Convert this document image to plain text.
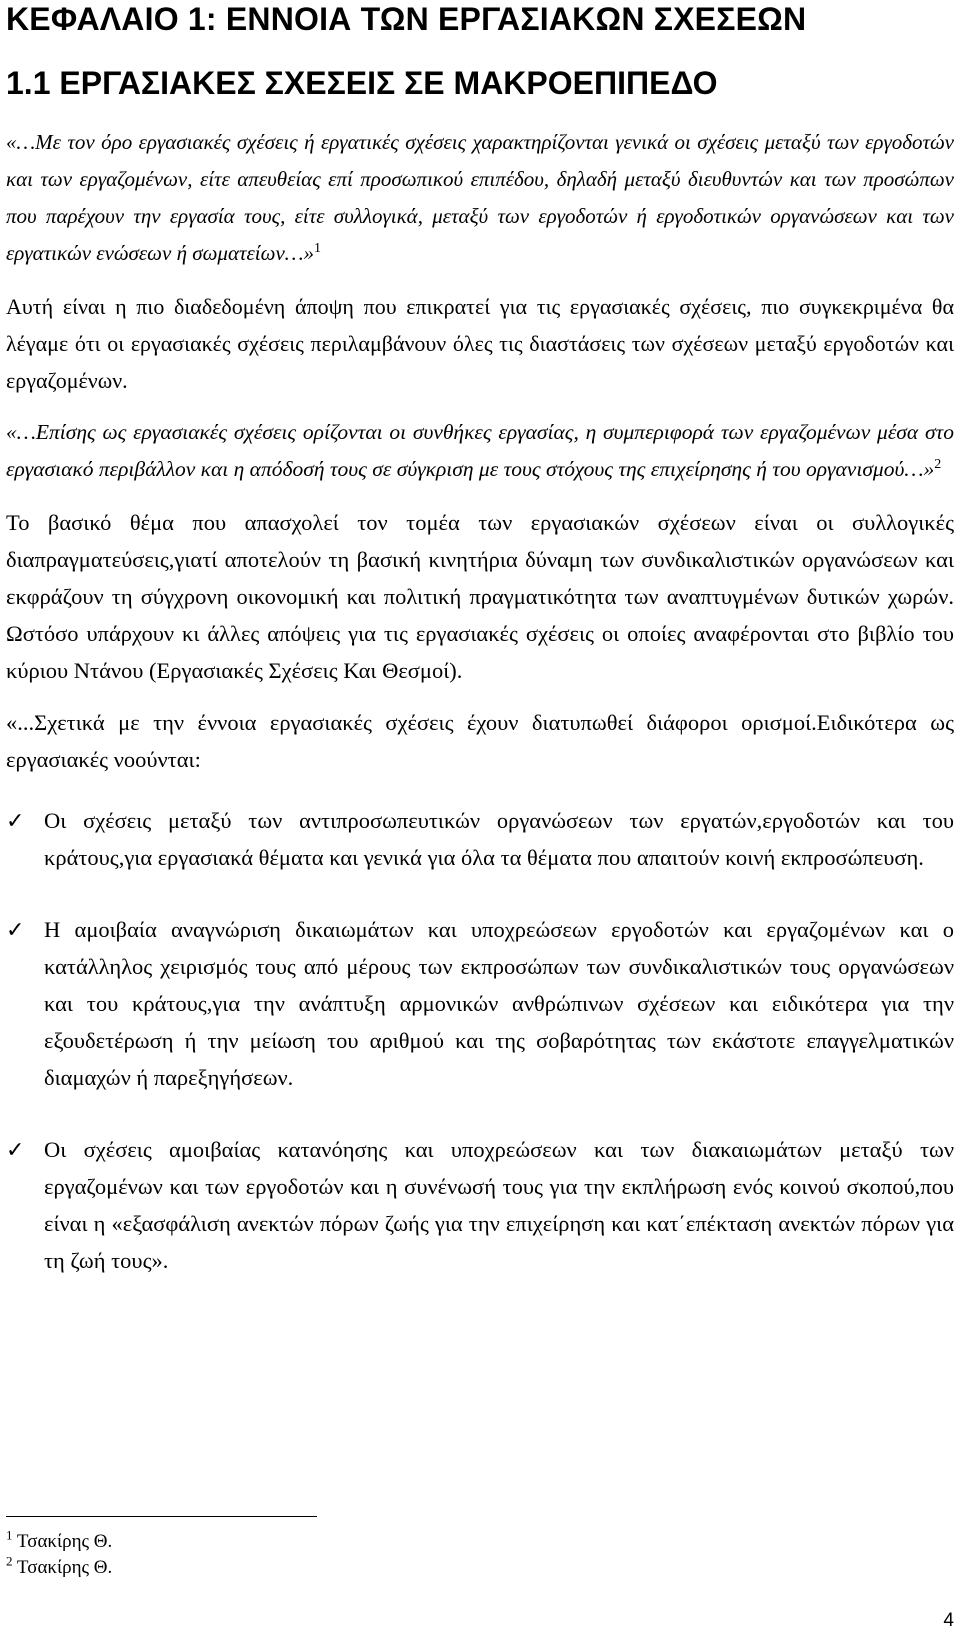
ΚΕΦΑΛΑΙΟ 1: ΕΝΝΟΙΑ ΤΩΝ ΕΡΓΑΣΙΑΚΩΝ ΣΧΕΣΕΩΝ
1.1 ΕΡΓΑΣΙΑΚΕΣ ΣΧΕΣΕΙΣ ΣΕ ΜΑΚΡΟΕΠΙΠΕΔΟ

«…Με τον όρο εργασιακές σχέσεις ή εργατικές σχέσεις χαρακτηρίζονται γενικά οι σχέσεις μεταξύ των εργοδοτών και των εργαζομένων, είτε απευθείας επί προσωπικού επιπέδου, δηλαδή μεταξύ διευθυντών και των προσώπων που παρέχουν την εργασία τους, είτε συλλογικά, μεταξύ των εργοδοτών ή εργοδοτικών οργανώσεων και των εργατικών ενώσεων ή σωματείων…»$^1$

Αυτή είναι η πιο διαδεδομένη άποψη που επικρατεί για τις εργασιακές σχέσεις, πιο συγκεκριμένα θα λέγαμε ότι οι εργασιακές σχέσεις περιλαμβάνουν όλες τις διαστάσεις των σχέσεων μεταξύ εργοδοτών και εργαζομένων.

«…Επίσης ως εργασιακές σχέσεις ορίζονται οι συνθήκες εργασίας, η συμπεριφορά των εργαζομένων μέσα στο εργασιακό περιβάλλον και η απόδοσή τους σε σύγκριση με τους στόχους της επιχείρησης ή του οργανισμού…»$^2$

Το βασικό θέμα που απασχολεί τον τομέα των εργασιακών σχέσεων είναι οι συλλογικές διαπραγματεύσεις,γιατί αποτελούν τη βασική κινητήρια δύναμη των συνδικαλιστικών οργανώσεων και εκφράζουν τη σύγχρονη οικονομική και πολιτική πραγματικότητα των αναπτυγμένων δυτικών χωρών. Ωστόσο υπάρχουν κι άλλες απόψεις για τις εργασιακές σχέσεις οι οποίες αναφέρονται στο βιβλίο του κύριου Ντάνου (Εργασιακές Σχέσεις Και Θεσμοί).

«...Σχετικά με την έννοια εργασιακές σχέσεις έχουν διατυπωθεί διάφοροι ορισμοί.Ειδικότερα ως εργασιακές νοούνται:

✓ Οι σχέσεις μεταξύ των αντιπροσωπευτικών οργανώσεων των εργατών,εργοδοτών και του κράτους,για εργασιακά θέματα και γενικά για όλα τα θέματα που απαιτούν κοινή εκπροσώπευση.
✓ Η αμοιβαία αναγνώριση δικαιωμάτων και υποχρεώσεων εργοδοτών και εργαζομένων και ο κατάλληλος χειρισμός τους από μέρους των εκπροσώπων των συνδικαλιστικών τους οργανώσεων και του κράτους,για την ανάπτυξη αρμονικών ανθρώπινων σχέσεων και ειδικότερα για την εξουδετέρωση ή την μείωση του αριθμού και της σοβαρότητας των εκάστοτε επαγγελματικών διαμαχών ή παρεξηγήσεων.
✓ Οι σχέσεις αμοιβαίας κατανόησης και υποχρεώσεων και των διακαιωμάτων μεταξύ των εργαζομένων και των εργοδοτών και η συνένωσή τους για την εκπλήρωση ενός κοινού σκοπού,που είναι η «εξασφάλιση ανεκτών πόρων ζωής για την επιχείρηση και κατ΄επέκταση ανεκτών πόρων για τη ζωή τους».
$^1$ Τσακίρης Θ.
$^2$ Τσακίρης Θ.
4
